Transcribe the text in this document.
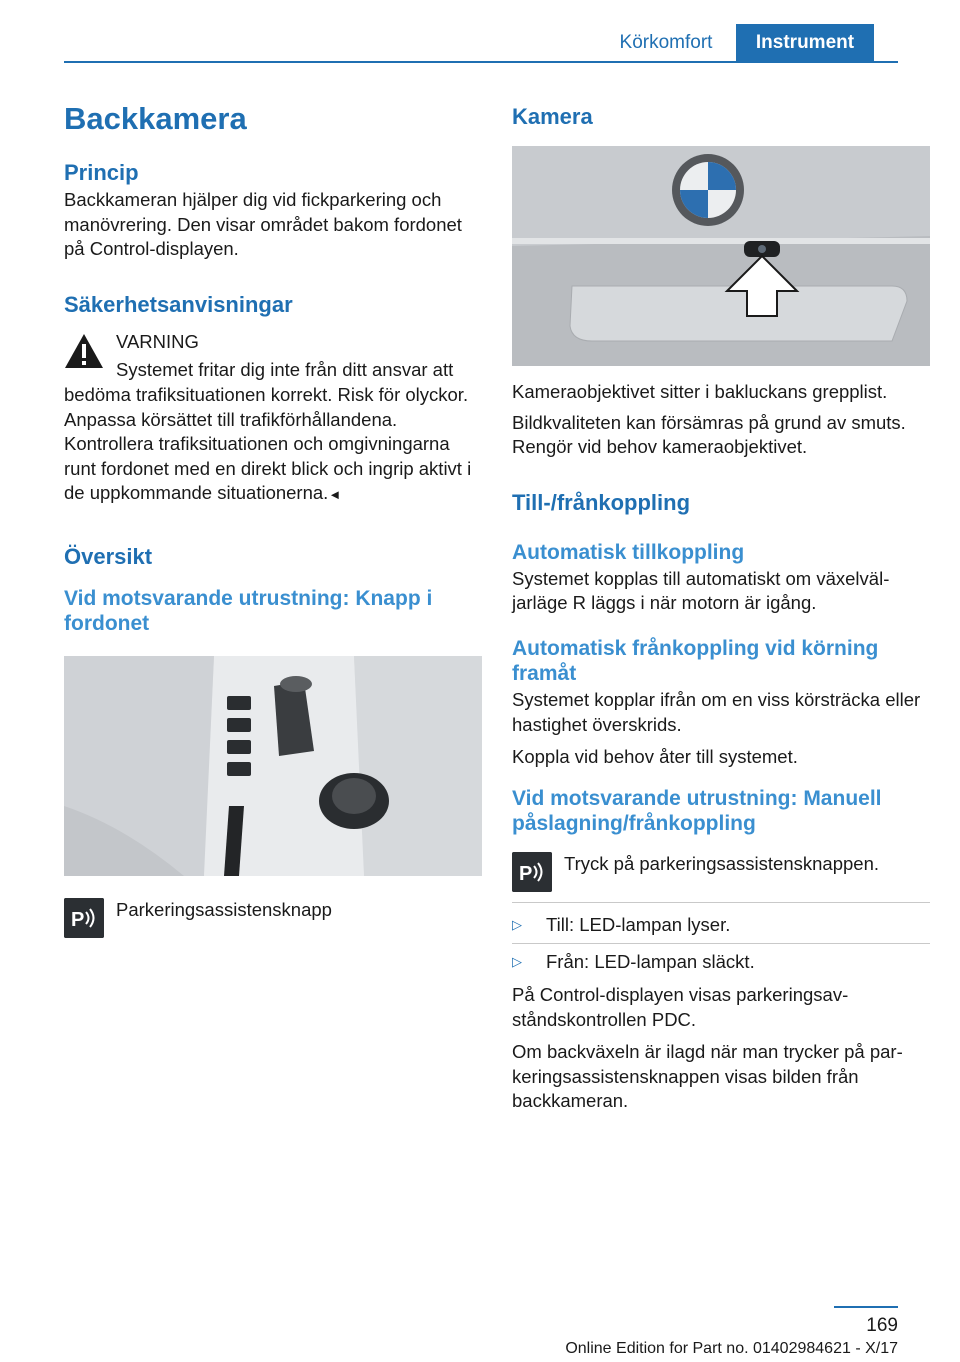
Körkomfort	Instrument
Backkamera
Princip

Backkameran hjälper dig vid fickparkering och manövrering. Den visar området bakom fordonet på Control-displayen.

Säkerhetsanvisningar
VARNING

Systemet fritar dig inte från ditt ansvar att bedöma trafiksituationen korrekt. Risk för olyckor. Anpassa körsättet till trafikförhållandena. Kontrollera trafiksituationen och omgivningarna runt fordonet med en direkt blick och ingrip aktivt i de uppkommande situationerna.◄

Översikt
Vid motsvarande utrustning: Knapp i fordonet
P	Parkeringsassistensknapp
Kamera

Kameraobjektivet sitter i bakluckans grepplist.

Bildkvaliteten kan försämras på grund av smuts. Rengör vid behov kameraobjektivet.

Till-/frånkoppling
Automatisk tillkoppling

Systemet kopplas till automatiskt om växelväljarläge R läggs i när motorn är igång.

Automatisk frånkoppling vid körning framåt

Systemet kopplar ifrån om en viss körsträcka eller hastighet överskrids.

Koppla vid behov åter till systemet.

Vid motsvarande utrustning: Manuell påslagning/frånkoppling
P	Tryck på parkeringsassistensknappen.
▷ Till: LED-lampan lyser.
▷ Från: LED-lampan släckt.

På Control-displayen visas parkeringsavståndskontrollen PDC.

Om backväxeln är ilagd när man trycker på parkeringsassistensknappen visas bilden från backkameran.

169
Online Edition for Part no. 01402984621 - X/17
